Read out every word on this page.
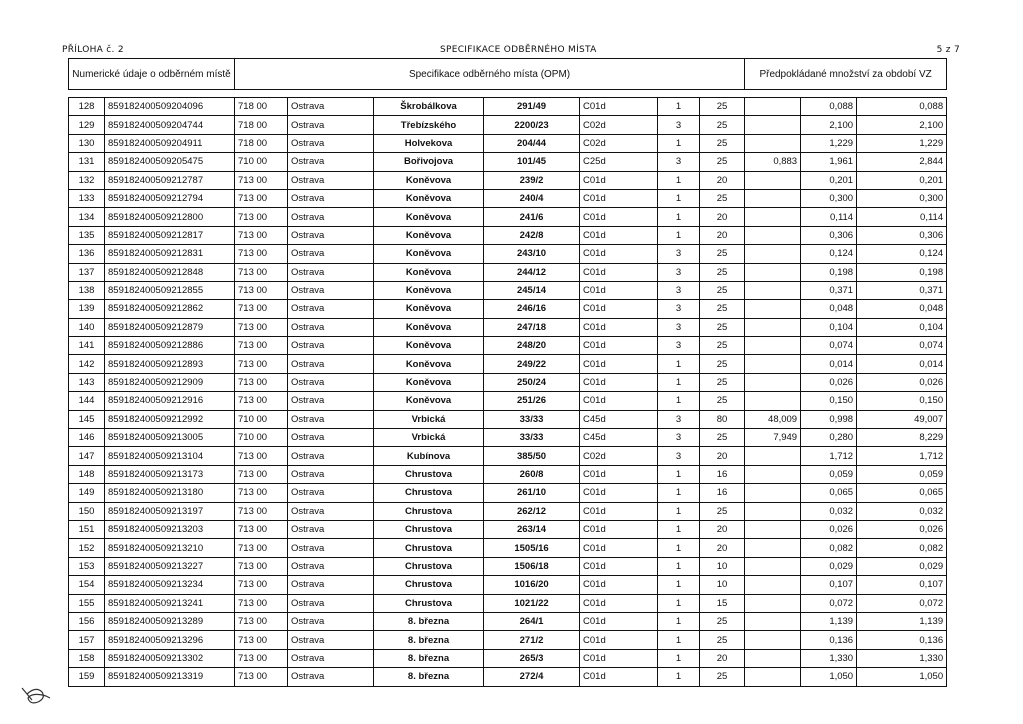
PŘÍLOHA č. 2	SPECIFIKACE ODBĚRNÉHO MÍSTA	5 z 7
Numerické údaje o odběrném místě		Specifikace odběrného místa (OPM)							Předpokládané množství za období VZ		

128	859182400509204096	718 00	Ostrava	Škrobálkova	291/49	C01d	1	25		0,088	0,088
129	859182400509204744	718 00	Ostrava	Třebízského	2200/23	C02d	3	25		2,100	2,100
130	859182400509204911	718 00	Ostrava	Holvekova	204/44	C02d	1	25		1,229	1,229
131	859182400509205475	710 00	Ostrava	Bořivojova	101/45	C25d	3	25	0,883	1,961	2,844
132	859182400509212787	713 00	Ostrava	Koněvova	239/2	C01d	1	20		0,201	0,201
133	859182400509212794	713 00	Ostrava	Koněvova	240/4	C01d	1	25		0,300	0,300
134	859182400509212800	713 00	Ostrava	Koněvova	241/6	C01d	1	20		0,114	0,114
135	859182400509212817	713 00	Ostrava	Koněvova	242/8	C01d	1	20		0,306	0,306
136	859182400509212831	713 00	Ostrava	Koněvova	243/10	C01d	3	25		0,124	0,124
137	859182400509212848	713 00	Ostrava	Koněvova	244/12	C01d	3	25		0,198	0,198
138	859182400509212855	713 00	Ostrava	Koněvova	245/14	C01d	3	25		0,371	0,371
139	859182400509212862	713 00	Ostrava	Koněvova	246/16	C01d	3	25		0,048	0,048
140	859182400509212879	713 00	Ostrava	Koněvova	247/18	C01d	3	25		0,104	0,104
141	859182400509212886	713 00	Ostrava	Koněvova	248/20	C01d	3	25		0,074	0,074
142	859182400509212893	713 00	Ostrava	Koněvova	249/22	C01d	1	25		0,014	0,014
143	859182400509212909	713 00	Ostrava	Koněvova	250/24	C01d	1	25		0,026	0,026
144	859182400509212916	713 00	Ostrava	Koněvova	251/26	C01d	1	25		0,150	0,150
145	859182400509212992	710 00	Ostrava	Vrbická	33/33	C45d	3	80	48,009	0,998	49,007
146	859182400509213005	710 00	Ostrava	Vrbická	33/33	C45d	3	25	7,949	0,280	8,229
147	859182400509213104	713 00	Ostrava	Kubínova	385/50	C02d	3	20		1,712	1,712
148	859182400509213173	713 00	Ostrava	Chrustova	260/8	C01d	1	16		0,059	0,059
149	859182400509213180	713 00	Ostrava	Chrustova	261/10	C01d	1	16		0,065	0,065
150	859182400509213197	713 00	Ostrava	Chrustova	262/12	C01d	1	25		0,032	0,032
151	859182400509213203	713 00	Ostrava	Chrustova	263/14	C01d	1	20		0,026	0,026
152	859182400509213210	713 00	Ostrava	Chrustova	1505/16	C01d	1	20		0,082	0,082
153	859182400509213227	713 00	Ostrava	Chrustova	1506/18	C01d	1	10		0,029	0,029
154	859182400509213234	713 00	Ostrava	Chrustova	1016/20	C01d	1	10		0,107	0,107
155	859182400509213241	713 00	Ostrava	Chrustova	1021/22	C01d	1	15		0,072	0,072
156	859182400509213289	713 00	Ostrava	8. března	264/1	C01d	1	25		1,139	1,139
157	859182400509213296	713 00	Ostrava	8. března	271/2	C01d	1	25		0,136	0,136
158	859182400509213302	713 00	Ostrava	8. března	265/3	C01d	1	20		1,330	1,330
159	859182400509213319	713 00	Ostrava	8. března	272/4	C01d	1	25		1,050	1,050
